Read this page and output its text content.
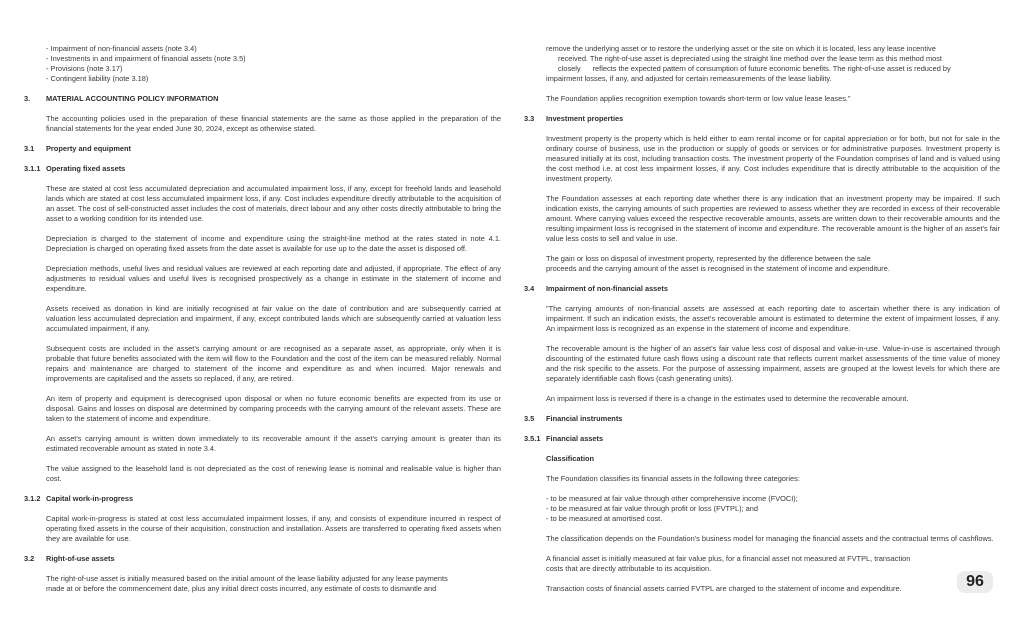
- Impairment of non-financial assets (note 3.4)
- Investments in and impairment of financial assets (note 3.5)
- Provisions (note 3.17)
- Contingent liability (note 3.18)
3. MATERIAL ACCOUNTING POLICY INFORMATION

The accounting policies used in the preparation of these financial statements are the same as those applied in the preparation of the financial statements for the year ended June 30, 2024, except as otherwise stated.

3.1 Property and equipment
3.1.1 Operating fixed assets

These are stated at cost less accumulated depreciation and accumulated impairment loss, if any, except for freehold lands and leasehold lands which are stated at cost less accumulated impairment loss, if any. Cost includes expenditure directly attributable to the acquisition of an asset. The cost of self-constructed asset includes the cost of materials, direct labour and any other costs directly attributable to bring the asset to a working condition for its intended use.

Depreciation is charged to the statement of income and expenditure using the straight-line method at the rates stated in note 4.1. Depreciation is charged on operating fixed assets from the date asset is available for use up to the date the asset is disposed off.

Depreciation methods, useful lives and residual values are reviewed at each reporting date and adjusted, if appropriate. The effect of any adjustments to residual values and useful lives is recognised prospectively as a change in estimate in the statement of income and expenditure.

Assets received as donation in kind are initially recognised at fair value on the date of contribution and are subsequently carried at valuation less accumulated depreciation and impairment, if any, except contributed lands which are subsequently carried at valuation less accumulated impairment, if any.

Subsequent costs are included in the asset's carrying amount or are recognised as a separate asset, as appropriate, only when it is probable that future benefits associated with the item will flow to the Foundation and the cost of the item can be measured reliably. Normal repairs and maintenance are charged to statement of the income and expenditure as and when incurred. Major renewals and improvements are capitalised and the assets so replaced, if any, are retired.

An item of property and equipment is derecognised upon disposal or when no future economic benefits are expected from its use or disposal. Gains and losses on disposal are determined by comparing proceeds with the carrying amount of the relevant assets. These are taken to the statement of income and expenditure.

An asset's carrying amount is written down immediately to its recoverable amount if the asset's carrying amount is greater than its estimated recoverable amount as stated in note 3.4.

The value assigned to the leasehold land is not depreciated as the cost of renewing lease is nominal and realisable value is higher than cost.

3.1.2 Capital work-in-progress

Capital work-in-progress is stated at cost less accumulated impairment losses, if any, and consists of expenditure incurred in respect of operating fixed assets in the course of their acquisition, construction and installation. Assets are transferred to operating fixed assets when they are available for use.

3.2 Right-of-use assets
The right-of-use asset is initially measured based on the initial amount of the lease liability adjusted for any lease payments
made at or before the commencement date, plus any initial direct costs incurred, any estimate of costs to dismantle and
remove the underlying asset or to restore the underlying asset or the site on which it is located, less any lease incentive
received. The right-of-use asset is depreciated using the straight line method over the lease term as this method most
closely reflects the expected pattern of consumption of future economic benefits. The right-of-use asset is reduced by
impairment losses, if any, and adjusted for certain remeasurements of the lease liability.

The Foundation applies recognition exemption towards short-term or low value lease leases."

3.3 Investment properties

Investment property is the property which is held either to earn rental income or for capital appreciation or for both, but not for sale in the ordinary course of business, use in the production or supply of goods or services or for administrative purposes. Investment property is measured initially at its cost, including transaction costs. The investment property of the Foundation comprises of land and is valued using the cost method i.e. at cost less impairment losses, if any. Cost includes expenditure that is directly attributable to the acquisition of the investment property.

The Foundation assesses at each reporting date whether there is any indication that an investment property may be impaired. If such indication exists, the carrying amounts of such properties are reviewed to assess whether they are recorded in excess of their recoverable amount. Where carrying values exceed the respective recoverable amounts, assets are written down to their recoverable amounts and the resulting impairment loss is recognised in the statement of income and expenditure. The recoverable amount is the higher of an asset's fair value less costs to sell and value in use.

The gain or loss on disposal of investment property, represented by the difference between the sale
proceeds and the carrying amount of the asset is recognised in the statement of income and expenditure.
3.4 Impairment of non-financial assets

"The carrying amounts of non-financial assets are assessed at each reporting date to ascertain whether there is any indication of impairment. If such an indication exists, the asset's recoverable amount is estimated to determine the extent of impairment losses, if any. An impairment loss is recognized as an expense in the statement of income and expenditure.

The recoverable amount is the higher of an asset's fair value less cost of disposal and value-in-use. Value-in-use is ascertained through discounting of the estimated future cash flows using a discount rate that reflects current market assessments of the time value of money and the risk specific to the assets. For the purpose of assessing impairment, assets are grouped at the lowest levels for which there are separately identifiable cash flows (cash generating units).

An impairment loss is reversed if there is a change in the estimates used to determine the recoverable amount.

3.5 Financial instruments
3.5.1 Financial assets
Classification

The Foundation classifies its financial assets in the following three categories:

- to be measured at fair value through other comprehensive income (FVOCI);
- to be measured at fair value through profit or loss (FVTPL); and
- to be measured at amortised cost.

The classification depends on the Foundation's business model for managing the financial assets and the contractual terms of cashflows.

A financial asset is initially measured at fair value plus, for a financial asset not measured at FVTPL, transaction
costs that are directly attributable to its acquisition.

Transaction costs of financial assets carried FVTPL are charged to the statement of income and expenditure.	96
